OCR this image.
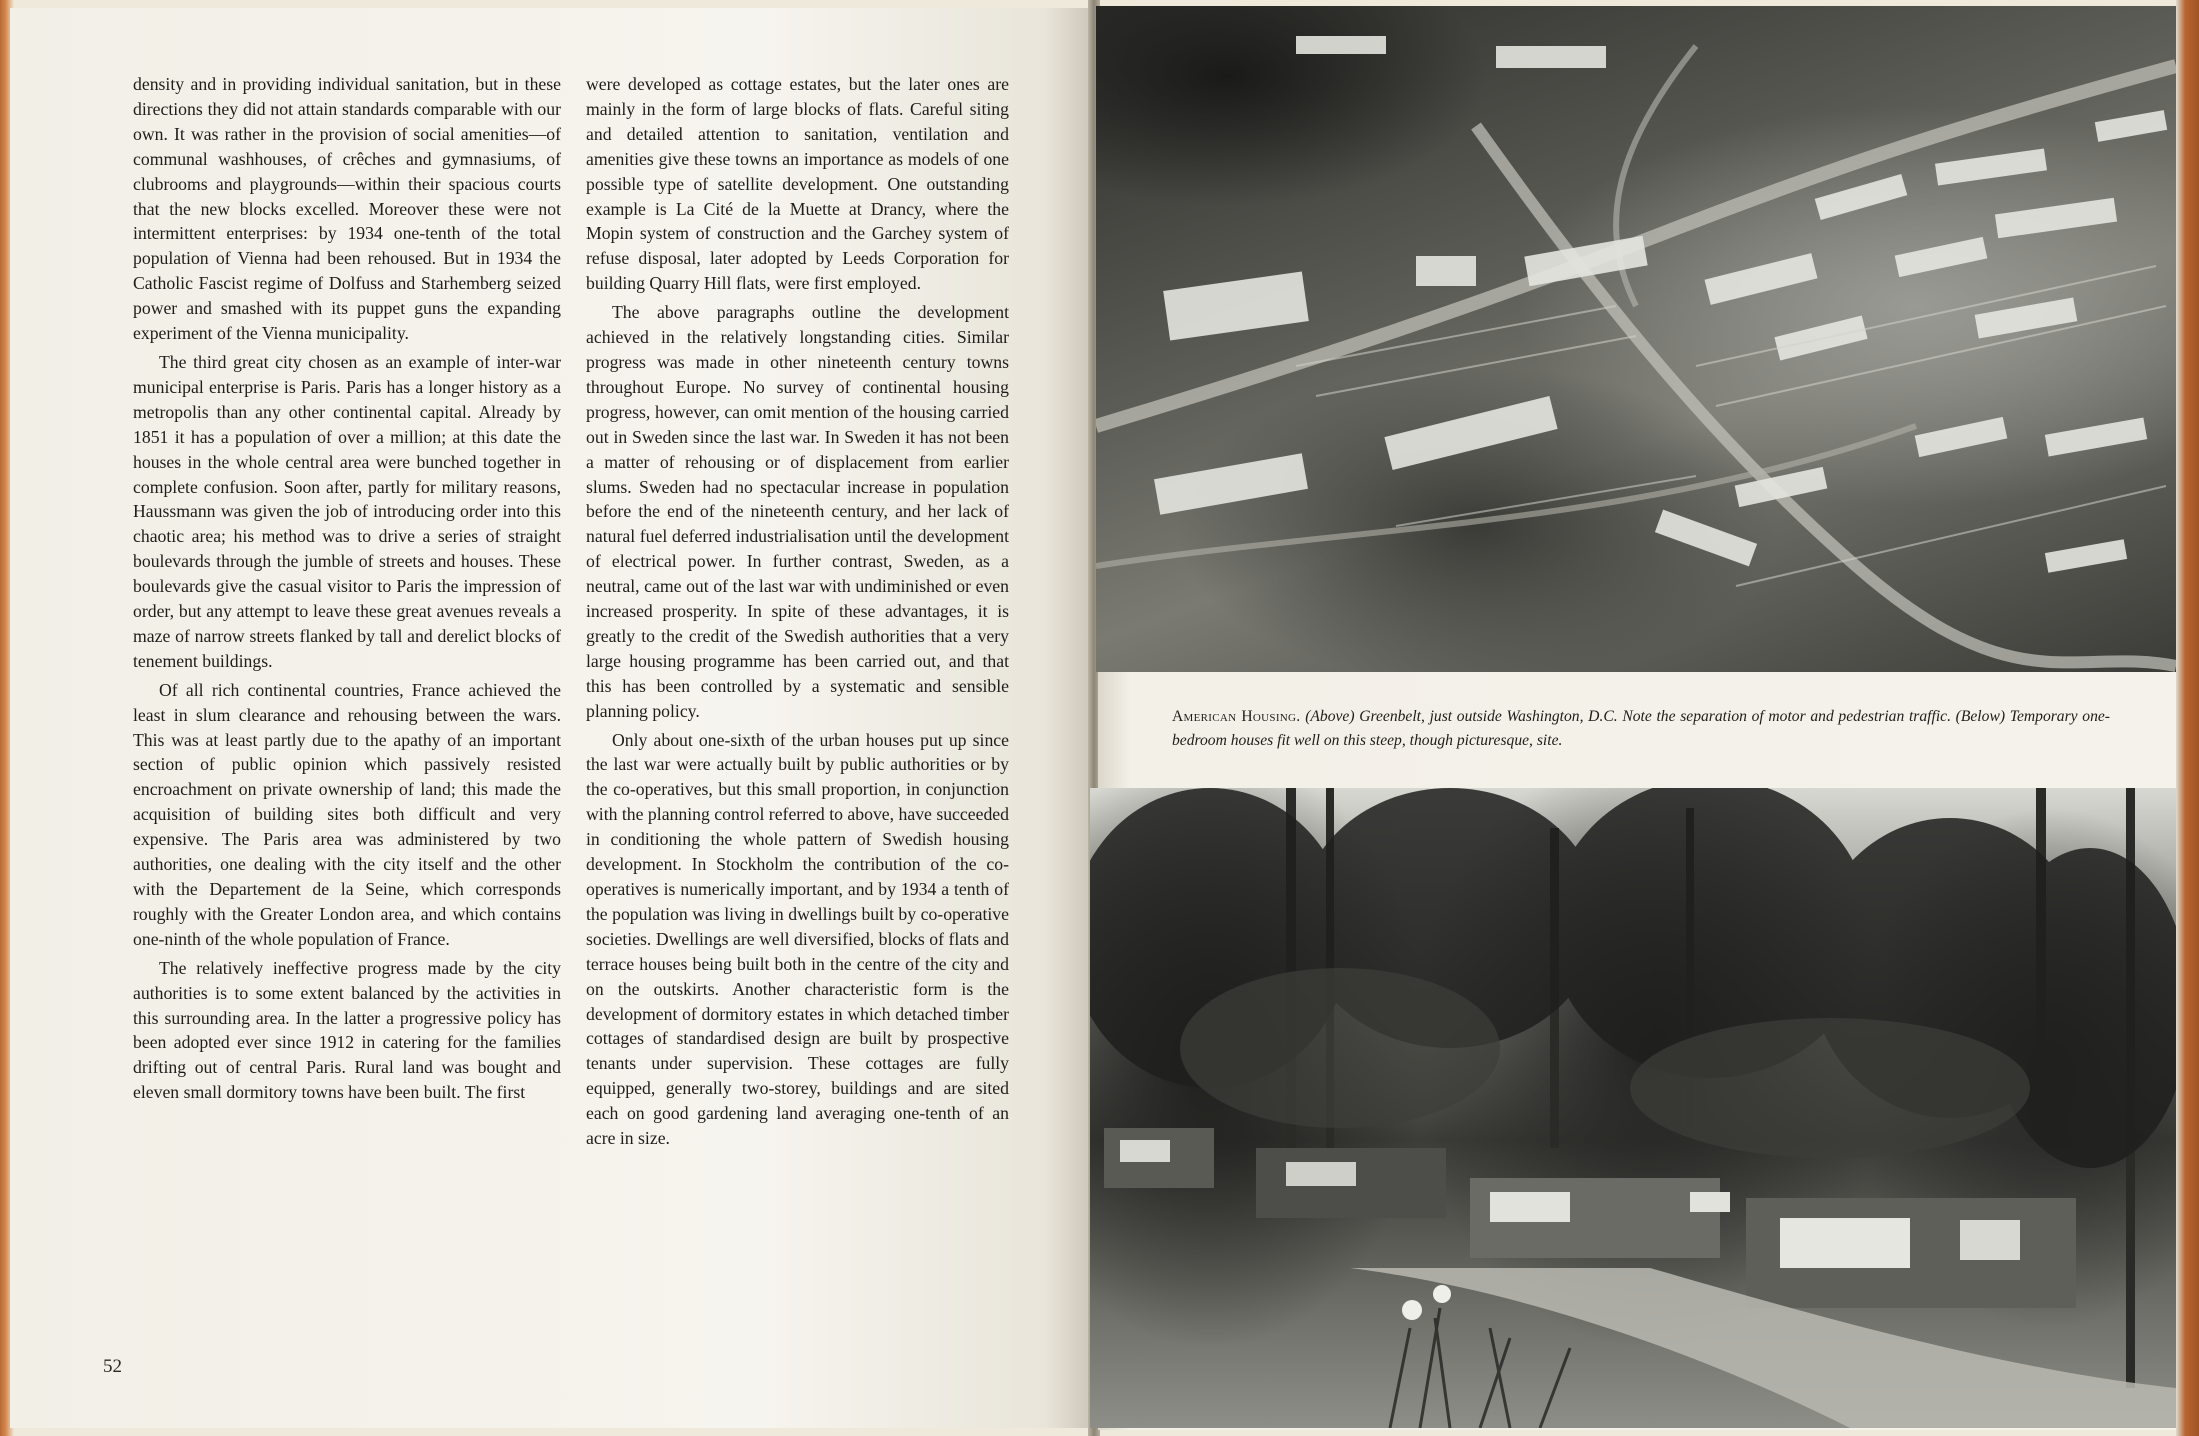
density and in providing individual sanitation, but in these directions they did not attain standards comparable with our own. It was rather in the provision of social amenities—of communal washhouses, of crêches and gymnasiums, of clubrooms and playgrounds—within their spacious courts that the new blocks excelled. Moreover these were not intermittent enterprises: by 1934 one-tenth of the total population of Vienna had been rehoused. But in 1934 the Catholic Fascist regime of Dolfuss and Starhemberg seized power and smashed with its puppet guns the expanding experiment of the Vienna municipality.

The third great city chosen as an example of inter-war municipal enterprise is Paris. Paris has a longer history as a metropolis than any other continental capital. Already by 1851 it has a population of over a million; at this date the houses in the whole central area were bunched together in complete confusion. Soon after, partly for military reasons, Haussmann was given the job of introducing order into this chaotic area; his method was to drive a series of straight boulevards through the jumble of streets and houses. These boulevards give the casual visitor to Paris the impression of order, but any attempt to leave these great avenues reveals a maze of narrow streets flanked by tall and derelict blocks of tenement buildings.

Of all rich continental countries, France achieved the least in slum clearance and rehousing between the wars. This was at least partly due to the apathy of an important section of public opinion which passively resisted encroachment on private ownership of land; this made the acquisition of building sites both difficult and very expensive. The Paris area was administered by two authorities, one dealing with the city itself and the other with the Departement de la Seine, which corresponds roughly with the Greater London area, and which contains one-ninth of the whole population of France.

The relatively ineffective progress made by the city authorities is to some extent balanced by the activities in this surrounding area. In the latter a progressive policy has been adopted ever since 1912 in catering for the families drifting out of central Paris. Rural land was bought and eleven small dormitory towns have been built. The first

were developed as cottage estates, but the later ones are mainly in the form of large blocks of flats. Careful siting and detailed attention to sanitation, ventilation and amenities give these towns an importance as models of one possible type of satellite development. One outstanding example is La Cité de la Muette at Drancy, where the Mopin system of construction and the Garchey system of refuse disposal, later adopted by Leeds Corporation for building Quarry Hill flats, were first employed.

The above paragraphs outline the development achieved in the relatively longstanding cities. Similar progress was made in other nineteenth century towns throughout Europe. No survey of continental housing progress, however, can omit mention of the housing carried out in Sweden since the last war. In Sweden it has not been a matter of rehousing or of displacement from earlier slums. Sweden had no spectacular increase in population before the end of the nineteenth century, and her lack of natural fuel deferred industrialisation until the development of electrical power. In further contrast, Sweden, as a neutral, came out of the last war with undiminished or even increased prosperity. In spite of these advantages, it is greatly to the credit of the Swedish authorities that a very large housing programme has been carried out, and that this has been controlled by a systematic and sensible planning policy.

Only about one-sixth of the urban houses put up since the last war were actually built by public authorities or by the co-operatives, but this small proportion, in conjunction with the planning control referred to above, have succeeded in conditioning the whole pattern of Swedish housing development. In Stockholm the contribution of the co-operatives is numerically important, and by 1934 a tenth of the population was living in dwellings built by co-operative societies. Dwellings are well diversified, blocks of flats and terrace houses being built both in the centre of the city and on the outskirts. Another characteristic form is the development of dormitory estates in which detached timber cottages of standardised design are built by prospective tenants under supervision. These cottages are fully equipped, generally two-storey, buildings and are sited each on good gardening land averaging one-tenth of an acre in size.

52
American Housing. (Above) Greenbelt, just outside Washington, D.C. Note the separation of motor and pedestrian traffic. (Below) Temporary one-bedroom houses fit well on this steep, though picturesque, site.
